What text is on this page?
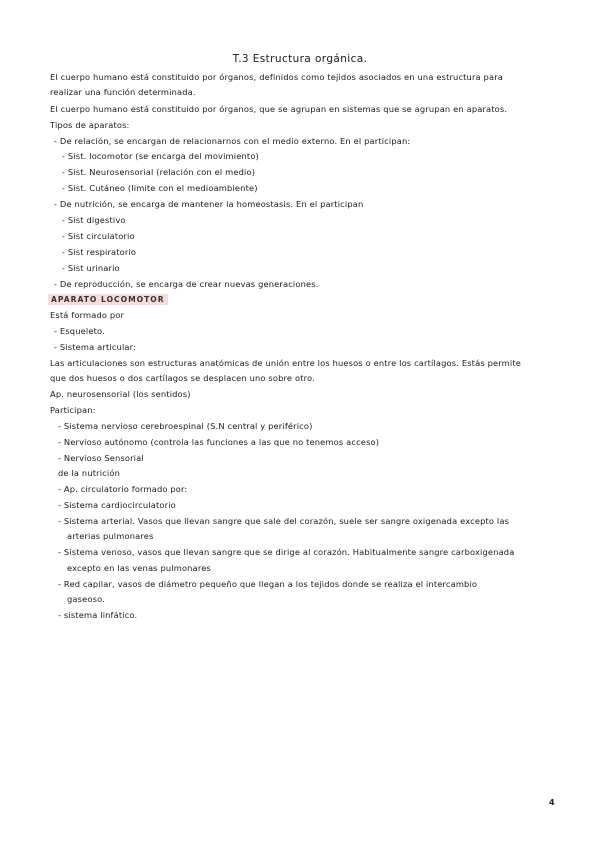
T.3 Estructura orgánica.
El cuerpo humano está constituido por órganos, definidos como tejidos asociados en una estructura para
realizar una función determinada.
El cuerpo humano está constituido por órganos, que se agrupan en sistemas que se agrupan en aparatos.
Tipos de aparatos:
- De relación, se encargan de relacionarnos con el medio externo. En el participan:
- Sist. locomotor (se encarga del movimiento)
- Sist. Neurosensorial (relación con el medio)
- Sist. Cutáneo (limite con el medioambiente)
- De nutrición, se encarga de mantener la homeostasis. En el participan
- Sist digestivo
- Sist circulatorio
- Sist respiratorio
- Sist urinario
- De reproducción, se encarga de crear nuevas generaciones.
APARATO LOCOMOTOR
Está formado por
- Esqueleto.
- Sistema articular:
Las articulaciones son estructuras anatómicas de unión entre los huesos o entre los cartílagos. Estás permite
que dos huesos o dos cartílagos se desplacen uno sobre otro.
Ap. neurosensorial (los sentidos)
Participan:
- Sistema nervioso cerebroespinal (S.N central y periférico)
- Nervioso autónomo (controla las funciones a las que no tenemos acceso)
- Nervioso Sensorial
de la nutrición
- Ap. circulatorio formado por:
- Sistema cardiocirculatorio
- Sistema arterial. Vasos que llevan sangre que sale del corazón, suele ser sangre oxigenada excepto las
arterias pulmonares
- Sistema venoso, vasos que llevan sangre que se dirige al corazón. Habitualmente sangre carboxigenada
excepto en las venas pulmonares
- Red capilar, vasos de diámetro pequeño que llegan a los tejidos donde se realiza el intercambio
gaseoso.
- sistema linfático.
4
